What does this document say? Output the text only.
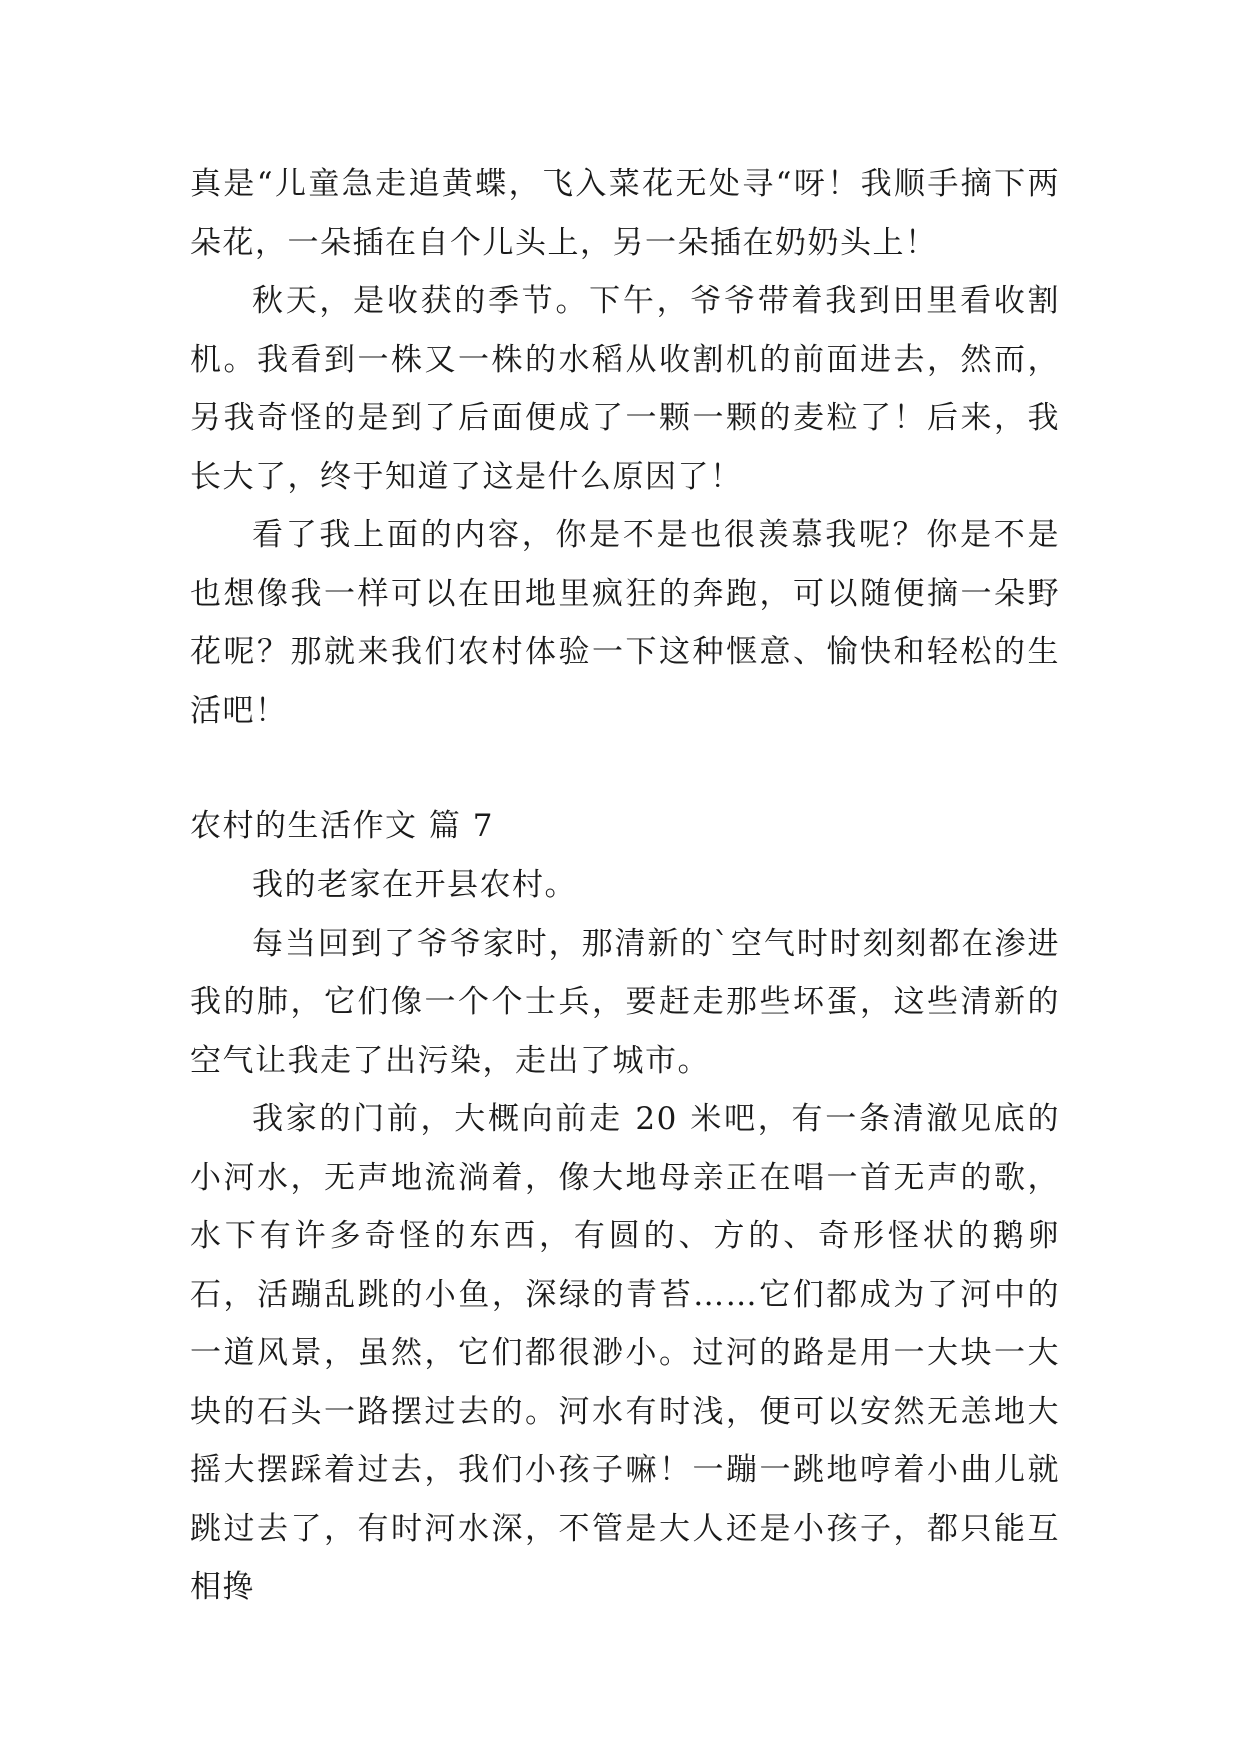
真是“儿童急走追黄蝶，飞入菜花无处寻“呀！我顺手摘下两朵花，一朵插在自个儿头上，另一朵插在奶奶头上！

秋天，是收获的季节。下午，爷爷带着我到田里看收割机。我看到一株又一株的水稻从收割机的前面进去，然而，另我奇怪的是到了后面便成了一颗一颗的麦粒了！后来，我长大了，终于知道了这是什么原因了！

看了我上面的内容，你是不是也很羡慕我呢？你是不是也想像我一样可以在田地里疯狂的奔跑，可以随便摘一朵野花呢？那就来我们农村体验一下这种惬意、愉快和轻松的生活吧！

农村的生活作文 篇 7

我的老家在开县农村。

每当回到了爷爷家时，那清新的`空气时时刻刻都在渗进我的肺，它们像一个个士兵，要赶走那些坏蛋，这些清新的空气让我走了出污染，走出了城市。

我家的门前，大概向前走 20 米吧，有一条清澈见底的小河水，无声地流淌着，像大地母亲正在唱一首无声的歌，水下有许多奇怪的东西，有圆的、方的、奇形怪状的鹅卵石，活蹦乱跳的小鱼，深绿的青苔……它们都成为了河中的一道风景，虽然，它们都很渺小。过河的路是用一大块一大块的石头一路摆过去的。河水有时浅，便可以安然无恙地大摇大摆踩着过去，我们小孩子嘛！一蹦一跳地哼着小曲儿就跳过去了，有时河水深，不管是大人还是小孩子，都只能互相搀
